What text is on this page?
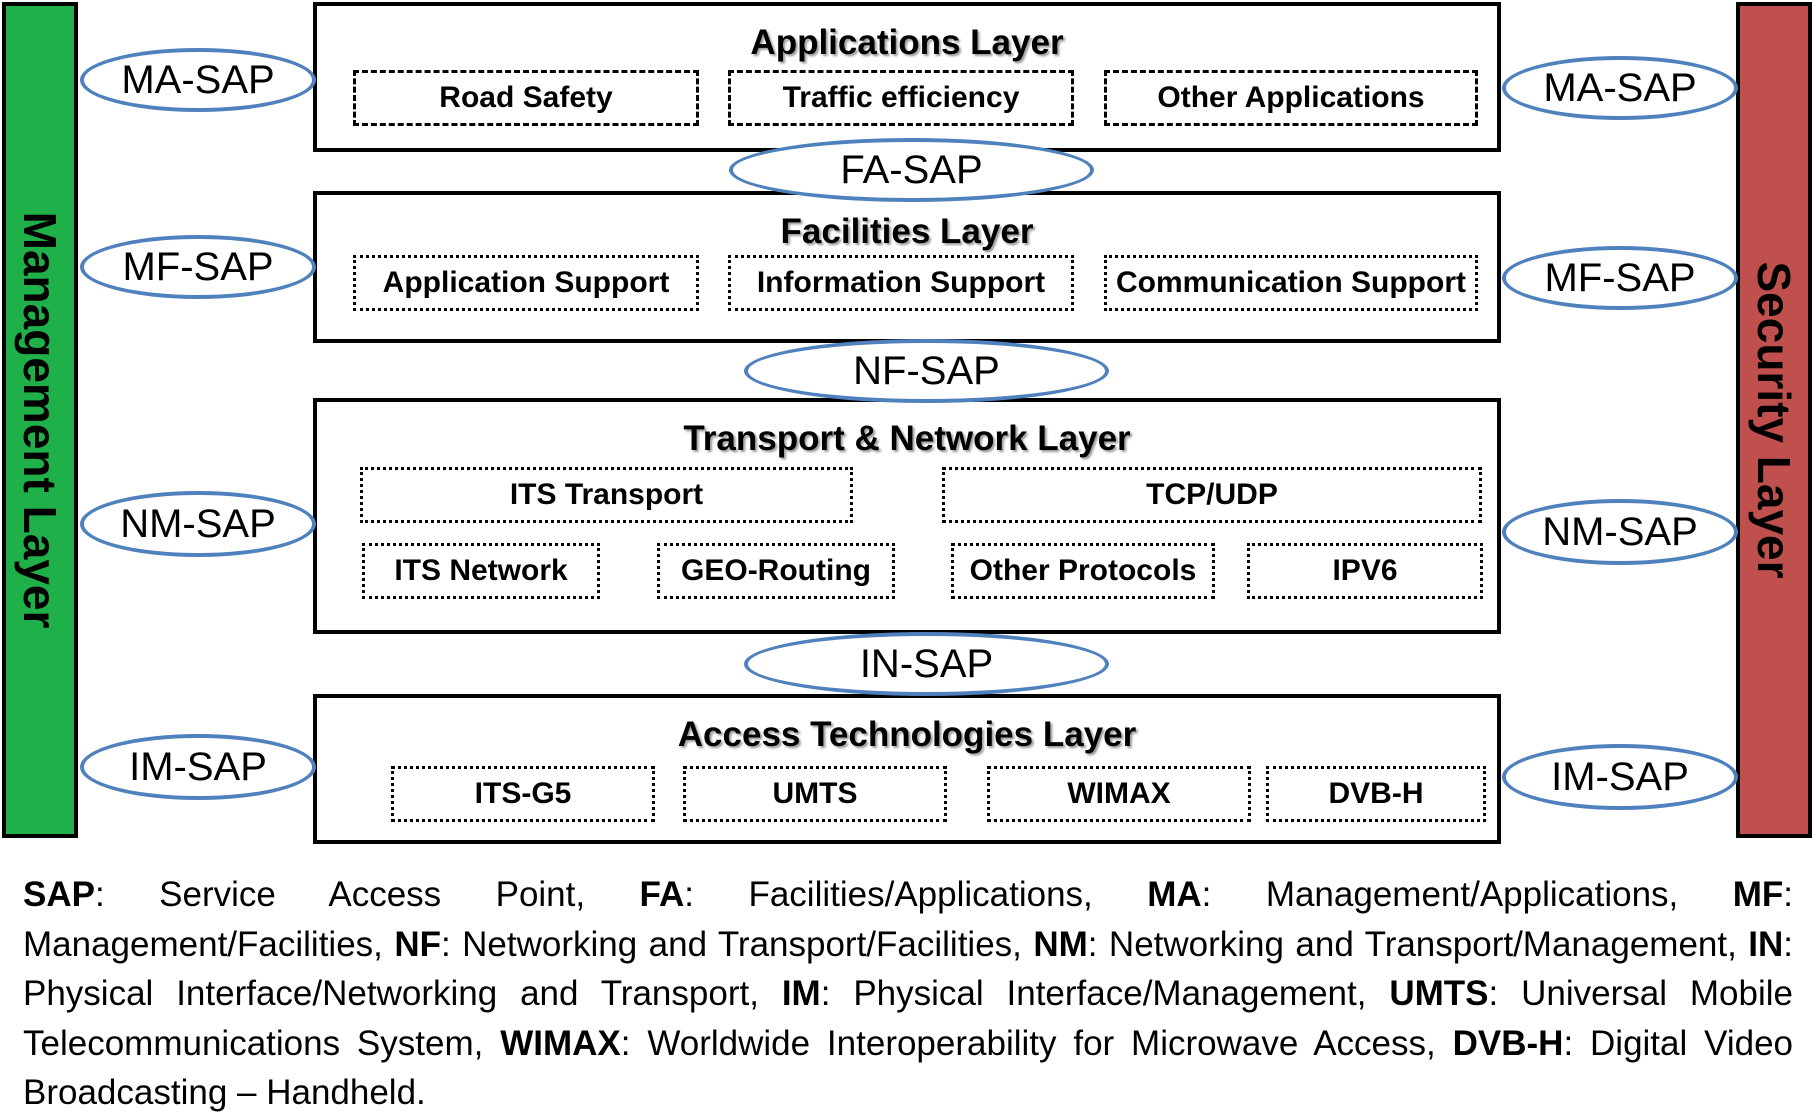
Management Layer	Security Layer
Applications Layer
Road Safety	Traffic efficiency	Other Applications
Facilities Layer
Application Support	Information Support	Communication Support
Transport & Network Layer
ITS Transport	TCP/UDP
ITS Network	GEO-Routing	Other Protocols	IPV6
Access Technologies Layer
ITS-G5	UMTS	WIMAX	DVB-H
MA-SAP
MF-SAP
NM-SAP
IM-SAP
MA-SAP
MF-SAP
NM-SAP
IM-SAP
FA-SAP
NF-SAP
IN-SAP
SAP: Service Access Point, FA: Facilities/Applications, MA: Management/Applications, MF: Management/Facilities, NF: Networking and Transport/Facilities, NM: Networking and Transport/Management, IN: Physical Interface/Networking and Transport, IM: Physical Interface/Management, UMTS: Universal Mobile Telecommunications System, WIMAX: Worldwide Interoperability for Microwave Access, DVB-H: Digital Video Broadcasting – Handheld.
